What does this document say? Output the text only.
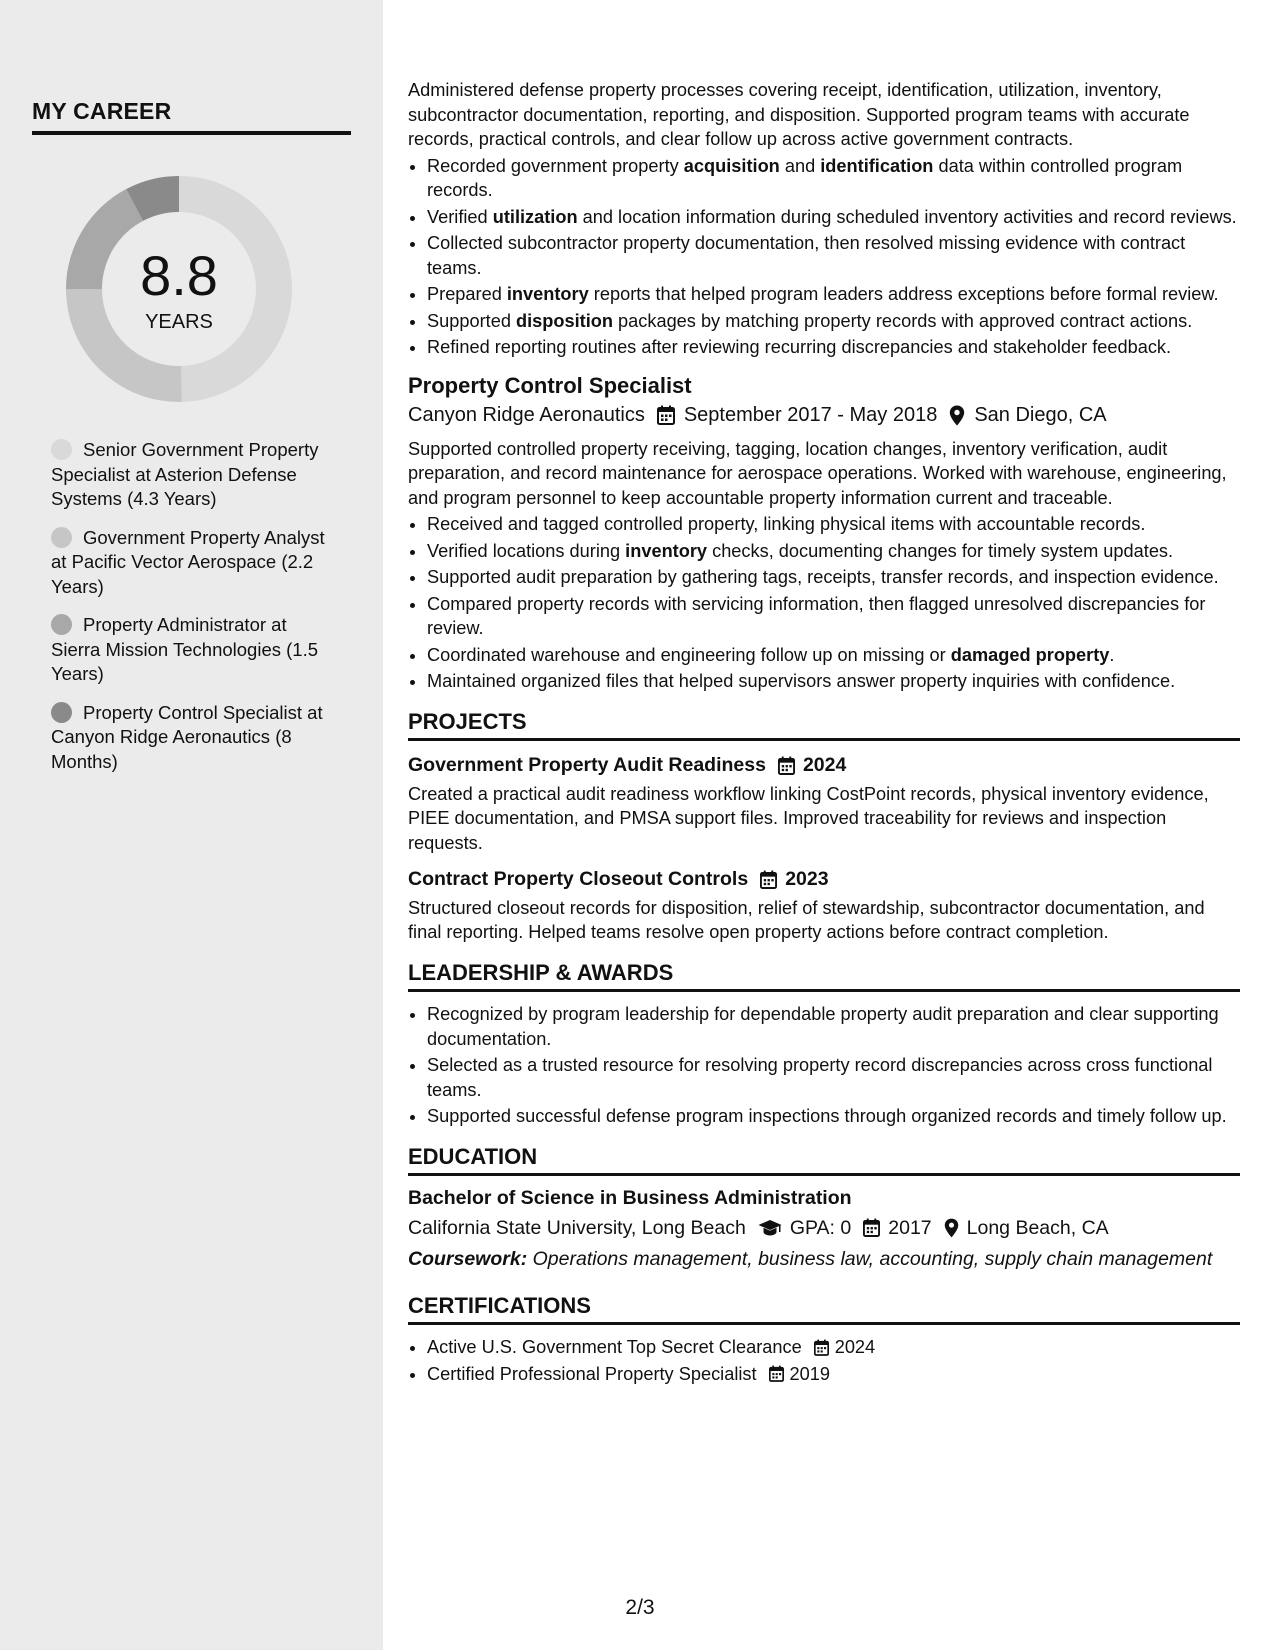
MY CAREER
8.8
YEARS
Senior Government Property Specialist at Asterion Defense Systems (4.3 Years)
Government Property Analyst at Pacific Vector Aerospace (2.2 Years)
Property Administrator at Sierra Mission Technologies (1.5 Years)
Property Control Specialist at Canyon Ridge Aeronautics (8 Months)

Administered defense property processes covering receipt, identification, utilization, inventory, subcontractor documentation, reporting, and disposition. Supported program teams with accurate records, practical controls, and clear follow up across active government contracts.

• Recorded government property acquisition and identification data within controlled program records.
• Verified utilization and location information during scheduled inventory activities and record reviews.
• Collected subcontractor property documentation, then resolved missing evidence with contract teams.
• Prepared inventory reports that helped program leaders address exceptions before formal review.
• Supported disposition packages by matching property records with approved contract actions.
• Refined reporting routines after reviewing recurring discrepancies and stakeholder feedback.
Property Control Specialist
Canyon Ridge Aeronautics September 2017 - May 2018 San Diego, CA

Supported controlled property receiving, tagging, location changes, inventory verification, audit preparation, and record maintenance for aerospace operations. Worked with warehouse, engineering, and program personnel to keep accountable property information current and traceable.

• Received and tagged controlled property, linking physical items with accountable records.
• Verified locations during inventory checks, documenting changes for timely system updates.
• Supported audit preparation by gathering tags, receipts, transfer records, and inspection evidence.
• Compared property records with servicing information, then flagged unresolved discrepancies for review.
• Coordinated warehouse and engineering follow up on missing or damaged property.
• Maintained organized files that helped supervisors answer property inquiries with confidence.
PROJECTS
Government Property Audit Readiness 2024

Created a practical audit readiness workflow linking CostPoint records, physical inventory evidence, PIEE documentation, and PMSA support files. Improved traceability for reviews and inspection requests.

Contract Property Closeout Controls 2023

Structured closeout records for disposition, relief of stewardship, subcontractor documentation, and final reporting. Helped teams resolve open property actions before contract completion.

LEADERSHIP & AWARDS
• Recognized by program leadership for dependable property audit preparation and clear supporting documentation.
• Selected as a trusted resource for resolving property record discrepancies across cross functional teams.
• Supported successful defense program inspections through organized records and timely follow up.
EDUCATION
Bachelor of Science in Business Administration
California State University, Long Beach GPA: 0 2017 Long Beach, CA
Coursework: Operations management, business law, accounting, supply chain management
CERTIFICATIONS
• Active U.S. Government Top Secret Clearance 2024
• Certified Professional Property Specialist 2019
2/3
